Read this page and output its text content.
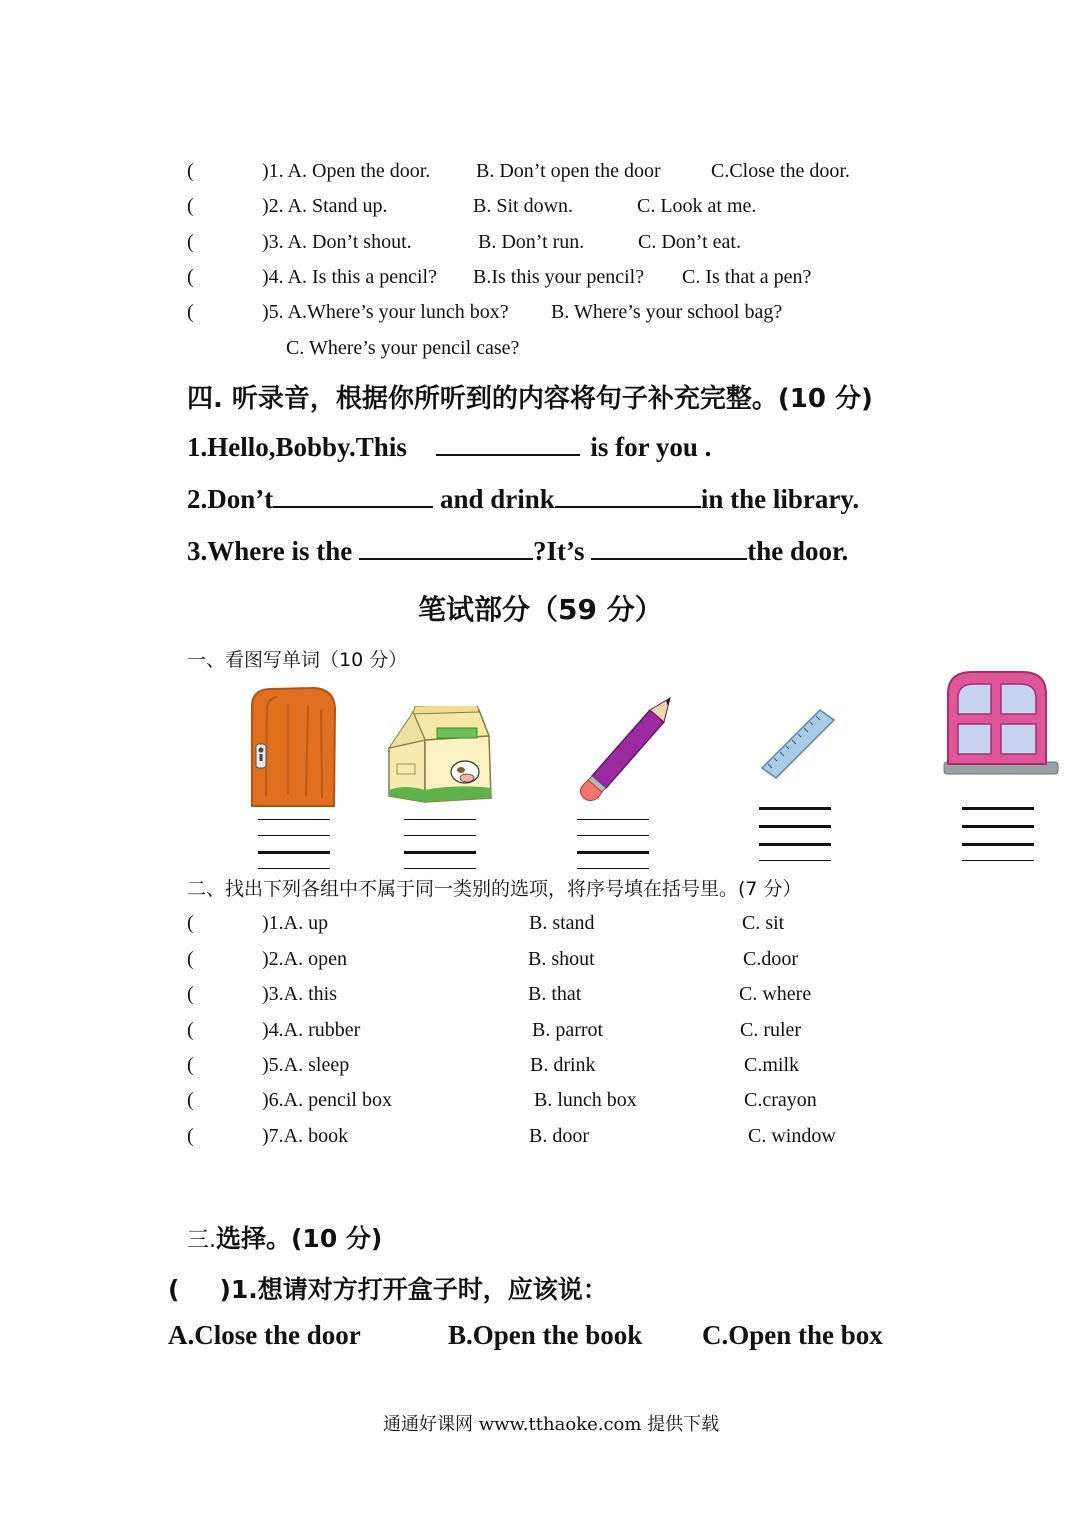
(	)1. A. Open the door. B. Don’t open the door	C.Close the door.
(	)2. A. Stand up.	B. Sit down.	C. Look at me.
(	)3. A. Don’t shout.	B. Don’t run.	C. Don’t eat.
(	)4. A. Is this a pencil? B.Is this your pencil? C. Is that a pen?
(	)5. A.Where’s your lunch box? B. Where’s your school bag?
C. Where’s your pencil case?
四. 听录音，根据你所听到的内容将句子补充完整。(10 分)
1.Hello,Bobby.This	is for you .
2.Don’t	and drink	in the library.
3.Where is the	?It’s	the door.
笔试部分（59 分）
一、看图写单词（10 分）
二、找出下列各组中不属于同一类别的选项，将序号填在括号里。(7 分）
(	)1.A. up	B. stand	C. sit
(	)2.A. open	B. shout	C.door
(	)3.A. this	B. that	C. where
(	)4.A. rubber	B. parrot	C. ruler
(	)5.A. sleep	B. drink	C.milk
(	)6.A. pencil box	B. lunch box	C.crayon
(	)7.A. book	B. door	C. window
三.选择。(10 分)
( )1.想请对方打开盒子时，应该说：
A.Close the door	B.Open the book C.Open the box
通通好课网 www.tthaoke.com 提供下载
